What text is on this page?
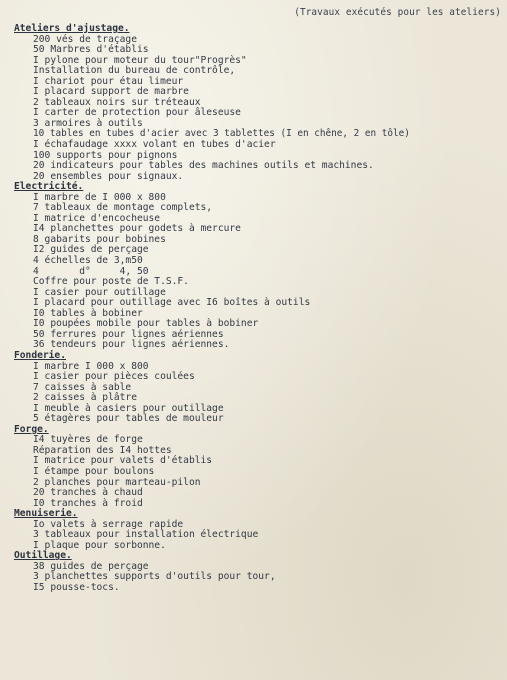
(Travaux exécutés pour les ateliers)
Ateliers d'ajustage.
200 vés de traçage
50 Marbres d'établis
I pylone pour moteur du tour"Progrès"
Installation du bureau de contrôle,
I chariot pour étau limeur
I placard support de marbre
2 tableaux noirs sur tréteaux
I carter de protection pour âleseuse
3 armoires à outils
10 tables en tubes d'acier avec 3 tablettes (I en chêne, 2 en tôle)
I échafaudage xxxx volant en tubes d'acier
100 supports pour pignons
20 indicateurs pour tables des machines outils et machines.
20 ensembles pour signaux.
Electricité.
I marbre de I 000 x 800
7 tableaux de montage complets,
I matrice d'encocheuse
I4 planchettes pour godets à mercure
8 gabarits pour bobines
I2 guides de perçage
4 échelles de 3,m50
4       d°     4, 50
Coffre pour poste de T.S.F.
I casier pour outillage
I placard pour outillage avec I6 boîtes à outils
I0 tables à bobiner
I0 poupées mobile pour tables à bobiner
50 ferrures pour lignes aériennes
36 tendeurs pour lignes aériennes.
Fonderie.
I marbre I 000 x 800
I casier pour pièces coulées
7 caisses à sable
2 caisses à plâtre
I meuble à casiers pour outillage
5 étagères pour tables de mouleur
Forge.
I4 tuyères de forge
Réparation des I4 hottes
I matrice pour valets d'établis
I étampe pour boulons
2 planches pour marteau-pilon
20 tranches à chaud
I0 tranches à froid
Menuiserie.
Io valets à serrage rapide
3 tableaux pour installation électrique
I plaque pour sorbonne.
Outillage.
38 guides de perçage
3 planchettes supports d'outils pour tour,
I5 pousse-tocs.
